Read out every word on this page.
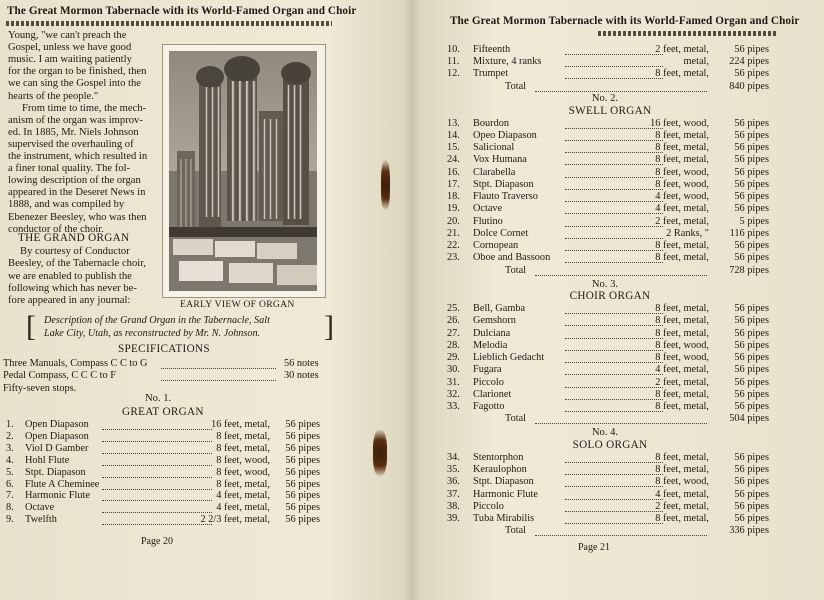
The Great Mormon Tabernacle with its World-Famed Organ and Choir
Young, "we can't preach the
Gospel, unless we have good
music. I am waiting patiently
for the organ to be finished, then
we can sing the Gospel into the
hearts of the people."
From time to time, the mech-
anism of the organ was improv-
ed. In 1885, Mr. Niels Johnson
supervised the overhauling of
the instrument, which resulted in
a finer tonal quality. The fol-
lowing description of the organ
appeared in the Deseret News in
1888, and was compiled by
Ebenezer Beesley, who was then
conductor of the choir.
THE GRAND ORGAN
By courtesy of Conductor
Beesley, of the Tabernacle choir,
we are enabled to publish the
following which has never be-
fore appeared in any journal:	EARLY VIEW OF ORGAN
[ Description of the Grand Organ in the Tabernacle, Salt
Lake City, Utah, as reconstructed by Mr. N. Johnson. ]
SPECIFICATIONS
Three Manuals, Compass C C to G	56 notes
Pedal Compass, C C C to F	30 notes
Fifty-seven stops.
No. 1.
GREAT ORGAN
1. Open Diapason	16 feet, metal, 56 pipes
2. Open Diapason	8 feet, metal, 56 pipes
3. Viol D Gamber	8 feet, metal, 56 pipes
4. Hohl Flute	8 feet, wood, 56 pipes
5. Stpt. Diapason	8 feet, wood, 56 pipes
6. Flute A Cheminee	8 feet, metal, 56 pipes
7. Harmonic Flute	4 feet, metal, 56 pipes
8. Octave	4 feet, metal, 56 pipes
9. Twelfth	2 2/3 feet, metal, 56 pipes
Page 20
The Great Mormon Tabernacle with its World-Famed Organ and Choir
10. Fifteenth	2 feet, metal, 56 pipes
11. Mixture, 4 ranks	metal, 224 pipes
12. Trumpet	8 feet, metal, 56 pipes
Total	840 pipes
No. 2.
SWELL ORGAN
13. Bourdon	16 feet, wood, 56 pipes
14. Opeo Diapason	8 feet, metal, 56 pipes
15. Salicional	8 feet, metal, 56 pipes
24. Vox Humana	8 feet, metal, 56 pipes
16. Clarabella	8 feet, wood, 56 pipes
17. Stpt. Diapason	8 feet, wood, 56 pipes
18. Flauto Traverso	4 feet, wood, 56 pipes
19. Octave	4 feet, metal, 56 pipes
20. Flutino	2 feet, metal,	5 pipes
21. Dolce Cornet	2 Ranks, " 116 pipes
22. Cornopean	8 feet, metal, 56 pipes
23. Oboe and Bassoon	8 feet, metal, 56 pipes
Total	728 pipes
No. 3.
CHOIR ORGAN
25. Bell, Gamba	8 feet, metal, 56 pipes
26. Gemshorn	8 feet, metal, 56 pipes
27. Dulciana	8 feet, metal, 56 pipes
28. Melodia	8 feet, wood, 56 pipes
29. Lieblich Gedacht	8 feet, wood, 56 pipes
30. Fugara	4 feet, metal, 56 pipes
31. Piccolo	2 feet, metal, 56 pipes
32. Clarionet	8 feet, metal, 56 pipes
33. Fagotto	8 feet, metal, 56 pipes
Total	504 pipes
No. 4.
SOLO ORGAN
34. Stentorphon	8 feet, metal, 56 pipes
35. Keraulophon	8 feet, metal, 56 pipes
36. Stpt. Diapason	8 feet, wood, 56 pipes
37. Harmonic Flute	4 feet, metal, 56 pipes
38. Piccolo	2 feet, metal, 56 pipes
39. Tuba Mirabilis	8 feet, metal, 56 pipes
Total	336 pipes
Page 21
